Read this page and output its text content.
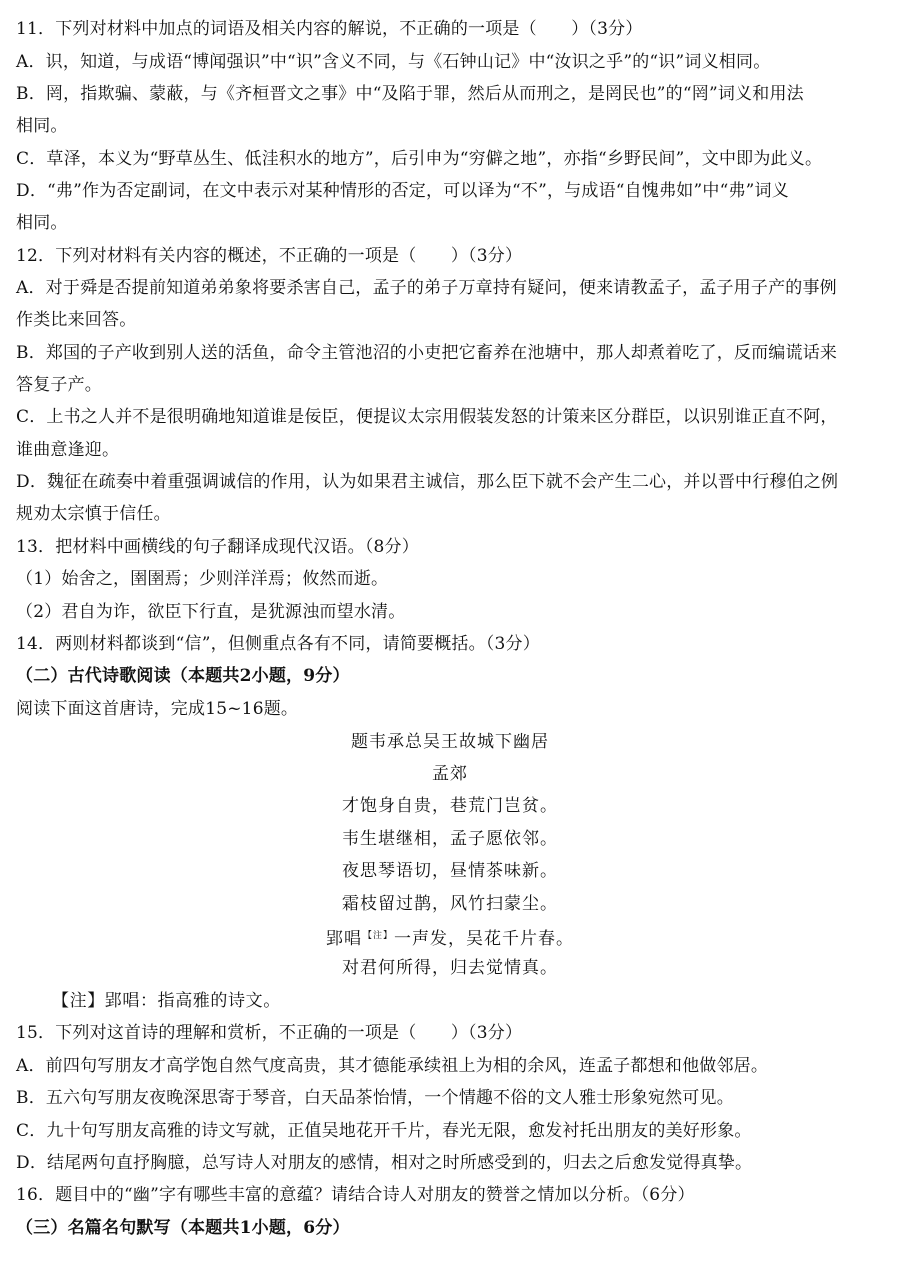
11．下列对材料中加点的词语及相关内容的解说，不正确的一项是（　　）（3分）
A．识，知道，与成语“博闻强识”中“识”含义不同，与《石钟山记》中“汝识之乎”的“识”词义相同。
B．罔，指欺骗、蒙蔽，与《齐桓晋文之事》中“及陷于罪，然后从而刑之，是罔民也”的“罔”词义和用法
相同。
C．草泽，本义为“野草丛生、低洼积水的地方”，后引申为“穷僻之地”，亦指“乡野民间”，文中即为此义。
D．“弗”作为否定副词，在文中表示对某种情形的否定，可以译为“不”，与成语“自愧弗如”中“弗”词义
相同。
12．下列对材料有关内容的概述，不正确的一项是（　　）（3分）
A．对于舜是否提前知道弟弟象将要杀害自己，孟子的弟子万章持有疑问，便来请教孟子，孟子用子产的事例
作类比来回答。
B．郑国的子产收到别人送的活鱼，命令主管池沼的小吏把它畜养在池塘中，那人却煮着吃了，反而编谎话来
答复子产。
C．上书之人并不是很明确地知道谁是佞臣，便提议太宗用假装发怒的计策来区分群臣，以识别谁正直不阿，
谁曲意逢迎。
D．魏征在疏奏中着重强调诚信的作用，认为如果君主诚信，那么臣下就不会产生二心，并以晋中行穆伯之例
规劝太宗慎于信任。
13．把材料中画横线的句子翻译成现代汉语。（8分）
（1）始舍之，圉圉焉；少则洋洋焉；攸然而逝。
（2）君自为诈，欲臣下行直，是犹源浊而望水清。
14．两则材料都谈到“信”，但侧重点各有不同，请简要概括。（3分）
（二）古代诗歌阅读（本题共2小题，9分）
阅读下面这首唐诗，完成15~16题。
题韦承总吴王故城下幽居
孟郊
才饱身自贵，巷荒门岂贫。
韦生堪继相，孟子愿依邻。
夜思琴语切，昼情茶味新。
霜枝留过鹊，风竹扫蒙尘。
郢唱$^{【注】}$一声发，吴花千片春。
对君何所得，归去觉情真。
【注】郢唱：指高雅的诗文。
15．下列对这首诗的理解和赏析，不正确的一项是（　　）（3分）
A．前四句写朋友才高学饱自然气度高贵，其才德能承续祖上为相的余风，连孟子都想和他做邻居。
B．五六句写朋友夜晚深思寄于琴音，白天品茶怡情，一个情趣不俗的文人雅士形象宛然可见。
C．九十句写朋友高雅的诗文写就，正值吴地花开千片，春光无限，愈发衬托出朋友的美好形象。
D．结尾两句直抒胸臆，总写诗人对朋友的感情，相对之时所感受到的，归去之后愈发觉得真挚。
16．题目中的“幽”字有哪些丰富的意蕴？请结合诗人对朋友的赞誉之情加以分析。（6分）
（三）名篇名句默写（本题共1小题，6分）
